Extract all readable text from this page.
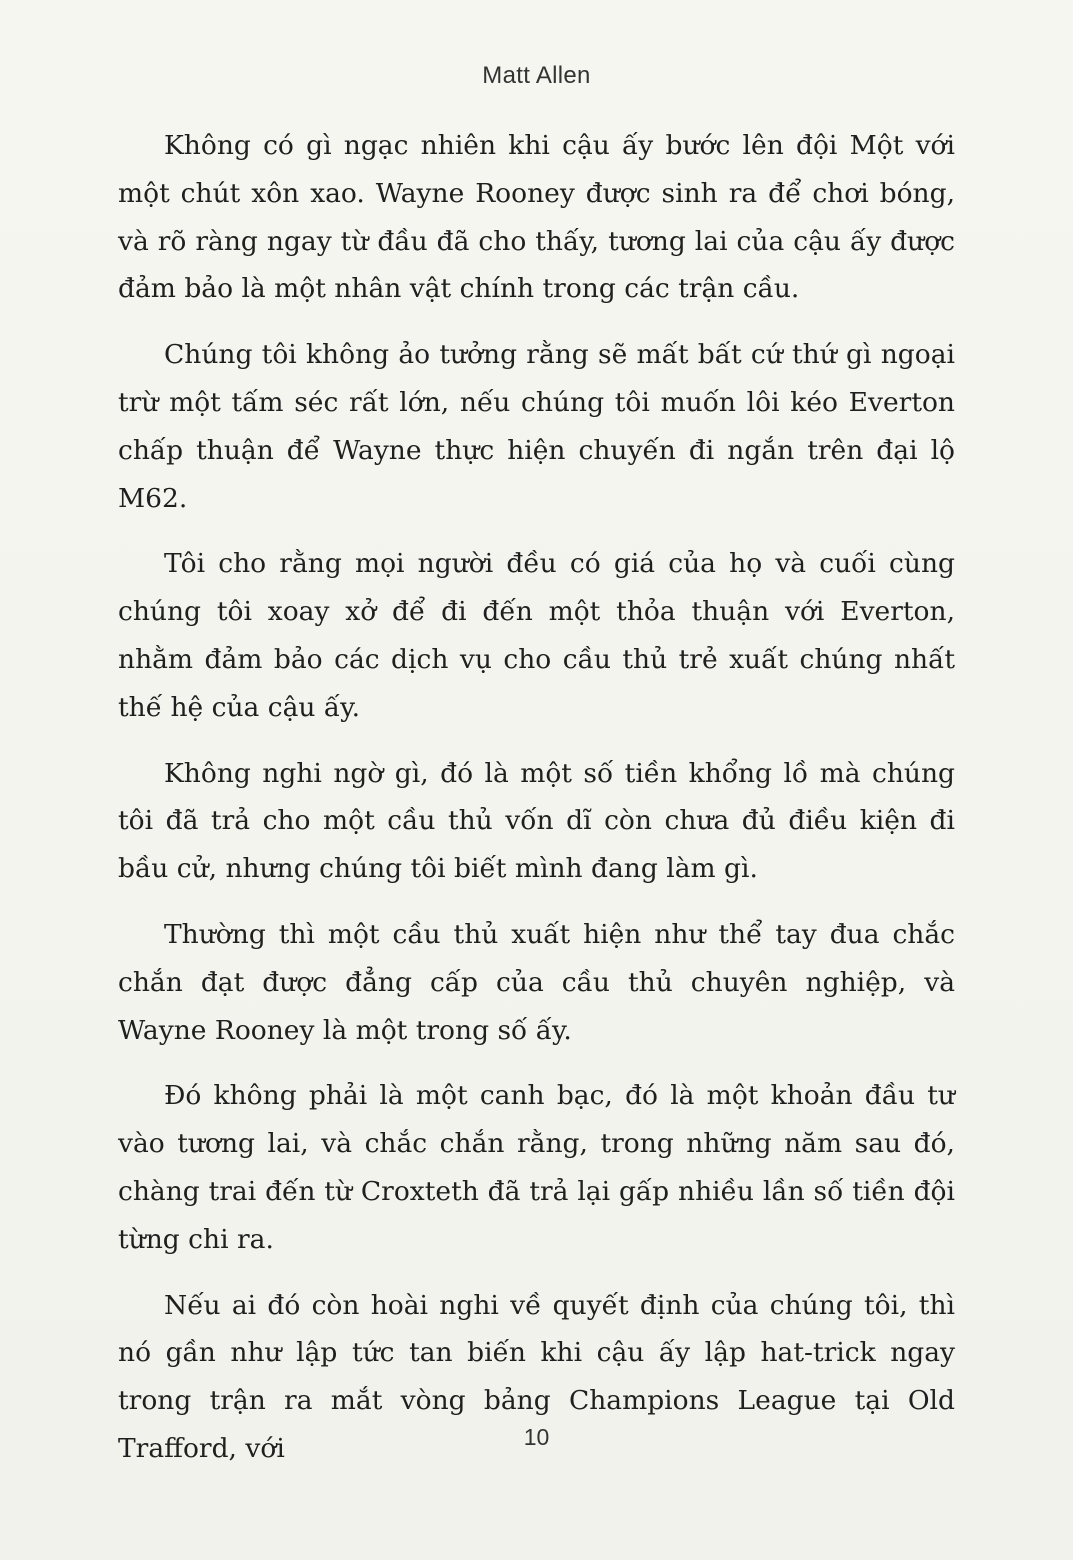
Matt Allen

Không có gì ngạc nhiên khi cậu ấy bước lên đội Một với một chút xôn xao. Wayne Rooney được sinh ra để chơi bóng, và rõ ràng ngay từ đầu đã cho thấy, tương lai của cậu ấy được đảm bảo là một nhân vật chính trong các trận cầu.

Chúng tôi không ảo tưởng rằng sẽ mất bất cứ thứ gì ngoại trừ một tấm séc rất lớn, nếu chúng tôi muốn lôi kéo Everton chấp thuận để Wayne thực hiện chuyến đi ngắn trên đại lộ M62.

Tôi cho rằng mọi người đều có giá của họ và cuối cùng chúng tôi xoay xở để đi đến một thỏa thuận với Everton, nhằm đảm bảo các dịch vụ cho cầu thủ trẻ xuất chúng nhất thế hệ của cậu ấy.

Không nghi ngờ gì, đó là một số tiền khổng lồ mà chúng tôi đã trả cho một cầu thủ vốn dĩ còn chưa đủ điều kiện đi bầu cử, nhưng chúng tôi biết mình đang làm gì.

Thường thì một cầu thủ xuất hiện như thể tay đua chắc chắn đạt được đẳng cấp của cầu thủ chuyên nghiệp, và Wayne Rooney là một trong số ấy.

Đó không phải là một canh bạc, đó là một khoản đầu tư vào tương lai, và chắc chắn rằng, trong những năm sau đó, chàng trai đến từ Croxteth đã trả lại gấp nhiều lần số tiền đội từng chi ra.

Nếu ai đó còn hoài nghi về quyết định của chúng tôi, thì nó gần như lập tức tan biến khi cậu ấy lập hat-trick ngay trong trận ra mắt vòng bảng Champions League tại Old Trafford, với	10
